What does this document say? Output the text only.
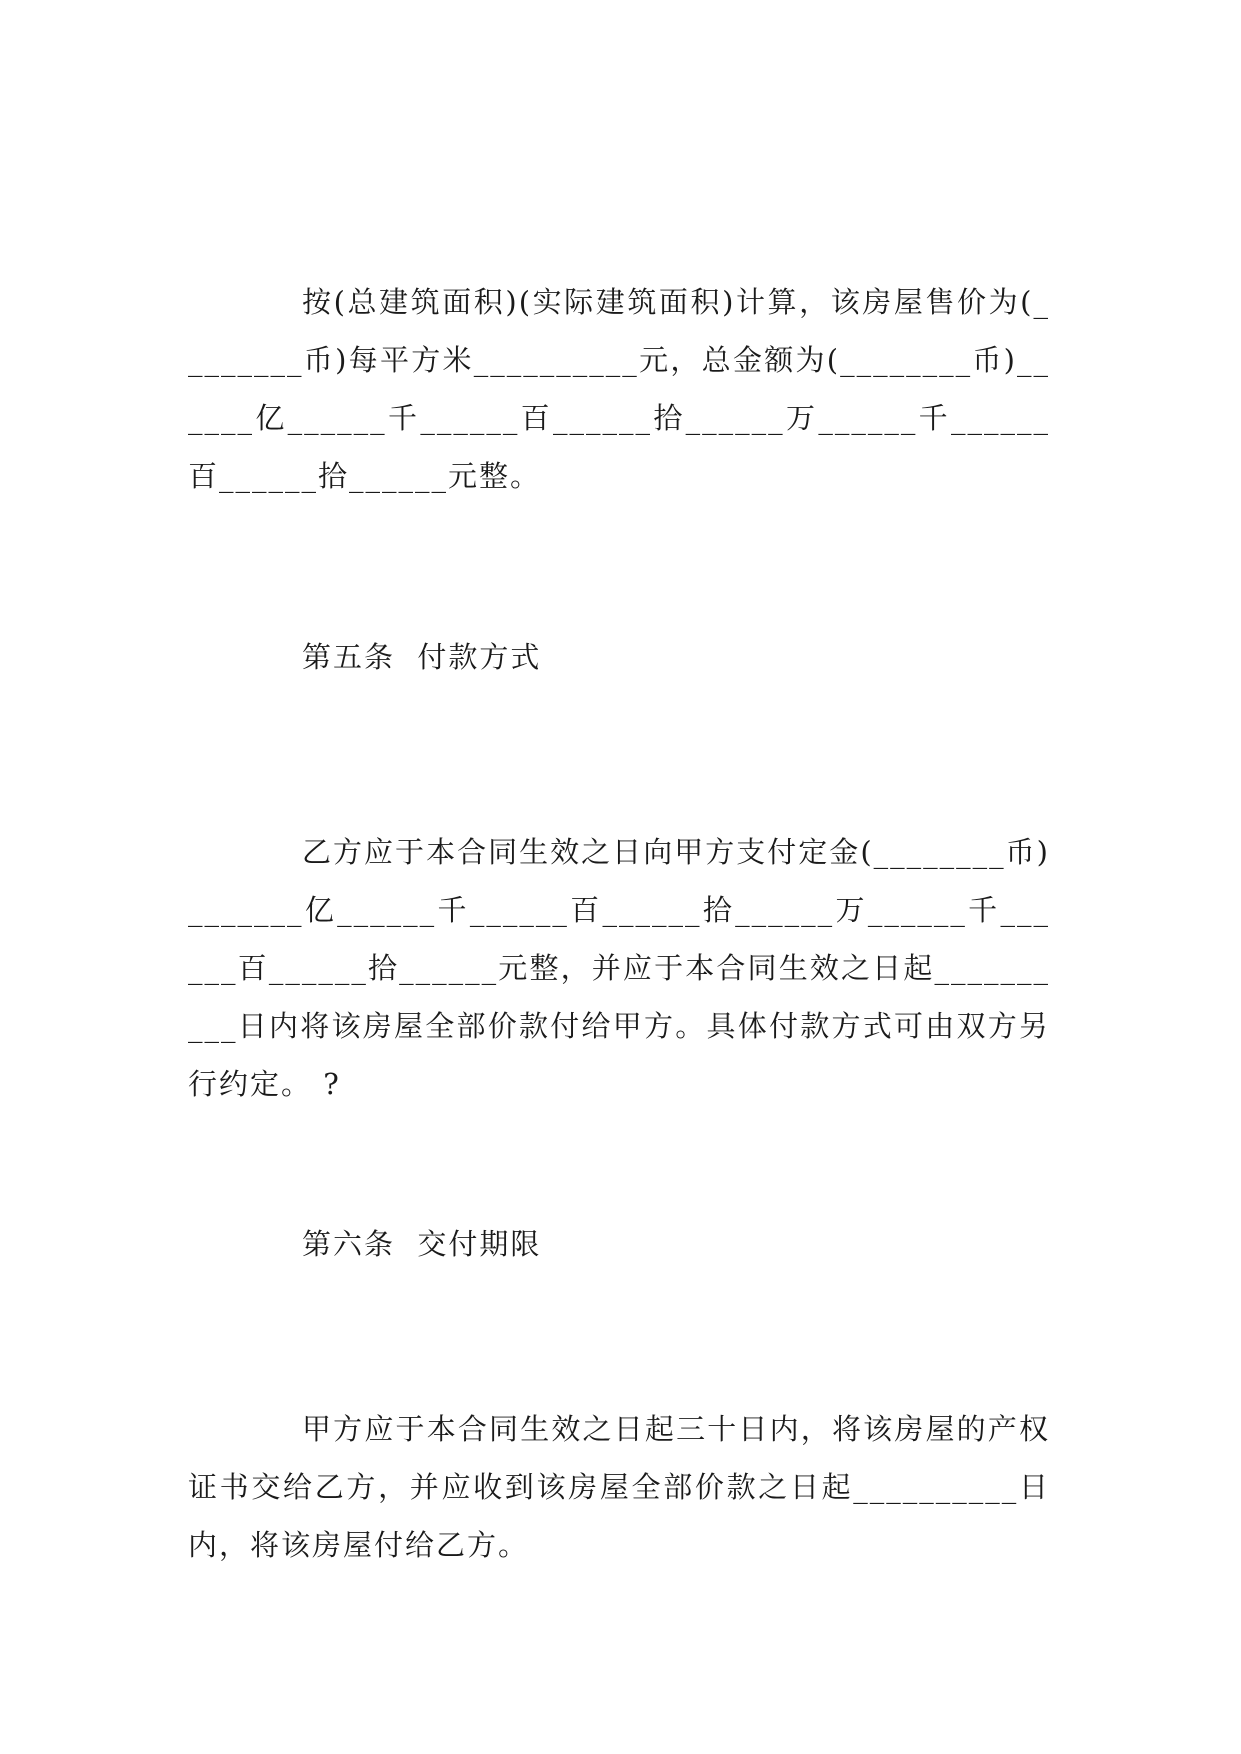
按(总建筑面积)(实际建筑面积)计算，该房屋售价为(________币)每平方米__________元，总金额为(________币)______亿______千______百______拾______万______千______百______拾______元整。

第五条  付款方式

乙方应于本合同生效之日向甲方支付定金(________币)_______亿______千______百______拾______万______千______百______拾______元整，并应于本合同生效之日起__________日内将该房屋全部价款付给甲方。具体付款方式可由双方另行约定。 ?

第六条  交付期限

甲方应于本合同生效之日起三十日内，将该房屋的产权证书交给乙方，并应收到该房屋全部价款之日起__________日内，将该房屋付给乙方。
